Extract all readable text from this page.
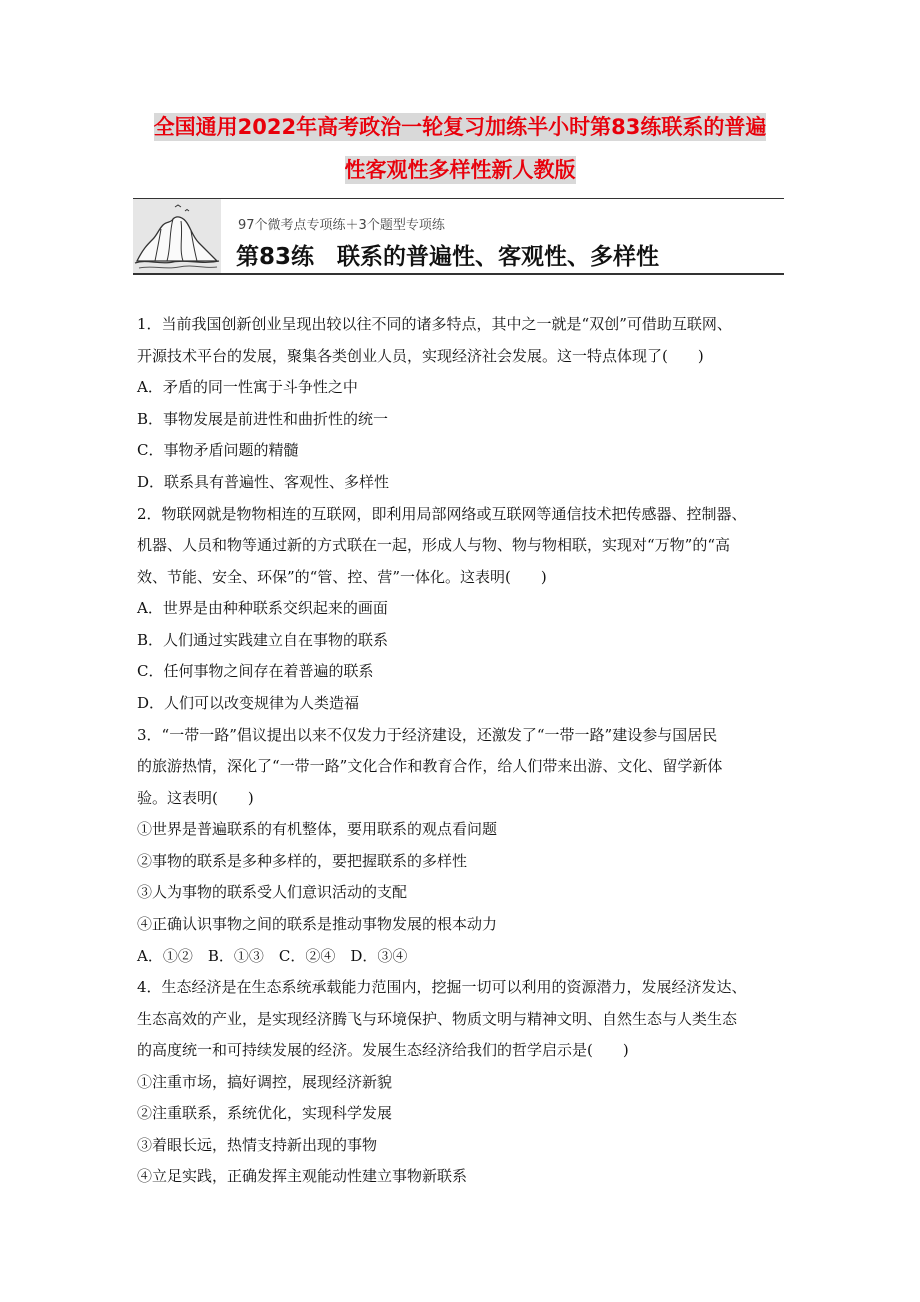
全国通用2022年高考政治一轮复习加练半小时第83练联系的普遍
性客观性多样性新人教版
97个微考点专项练＋3个题型专项练
第83练　联系的普遍性、客观性、多样性
1．当前我国创新创业呈现出较以往不同的诸多特点，其中之一就是“双创”可借助互联网、
开源技术平台的发展，聚集各类创业人员，实现经济社会发展。这一特点体现了(　　)
A．矛盾的同一性寓于斗争性之中
B．事物发展是前进性和曲折性的统一
C．事物矛盾问题的精髓
D．联系具有普遍性、客观性、多样性
2．物联网就是物物相连的互联网，即利用局部网络或互联网等通信技术把传感器、控制器、
机器、人员和物等通过新的方式联在一起，形成人与物、物与物相联，实现对“万物”的“高
效、节能、安全、环保”的“管、控、营”一体化。这表明(　　)
A．世界是由种种联系交织起来的画面
B．人们通过实践建立自在事物的联系
C．任何事物之间存在着普遍的联系
D．人们可以改变规律为人类造福
3．“一带一路”倡议提出以来不仅发力于经济建设，还激发了“一带一路”建设参与国居民
的旅游热情，深化了“一带一路”文化合作和教育合作，给人们带来出游、文化、留学新体
验。这表明(　　)
①世界是普遍联系的有机整体，要用联系的观点看问题
②事物的联系是多种多样的，要把握联系的多样性
③人为事物的联系受人们意识活动的支配
④正确认识事物之间的联系是推动事物发展的根本动力
A．①②　B．①③　C．②④　D．③④
4．生态经济是在生态系统承载能力范围内，挖掘一切可以利用的资源潜力，发展经济发达、
生态高效的产业，是实现经济腾飞与环境保护、物质文明与精神文明、自然生态与人类生态
的高度统一和可持续发展的经济。发展生态经济给我们的哲学启示是(　　)
①注重市场，搞好调控，展现经济新貌
②注重联系，系统优化，实现科学发展
③着眼长远，热情支持新出现的事物
④立足实践，正确发挥主观能动性建立事物新联系
